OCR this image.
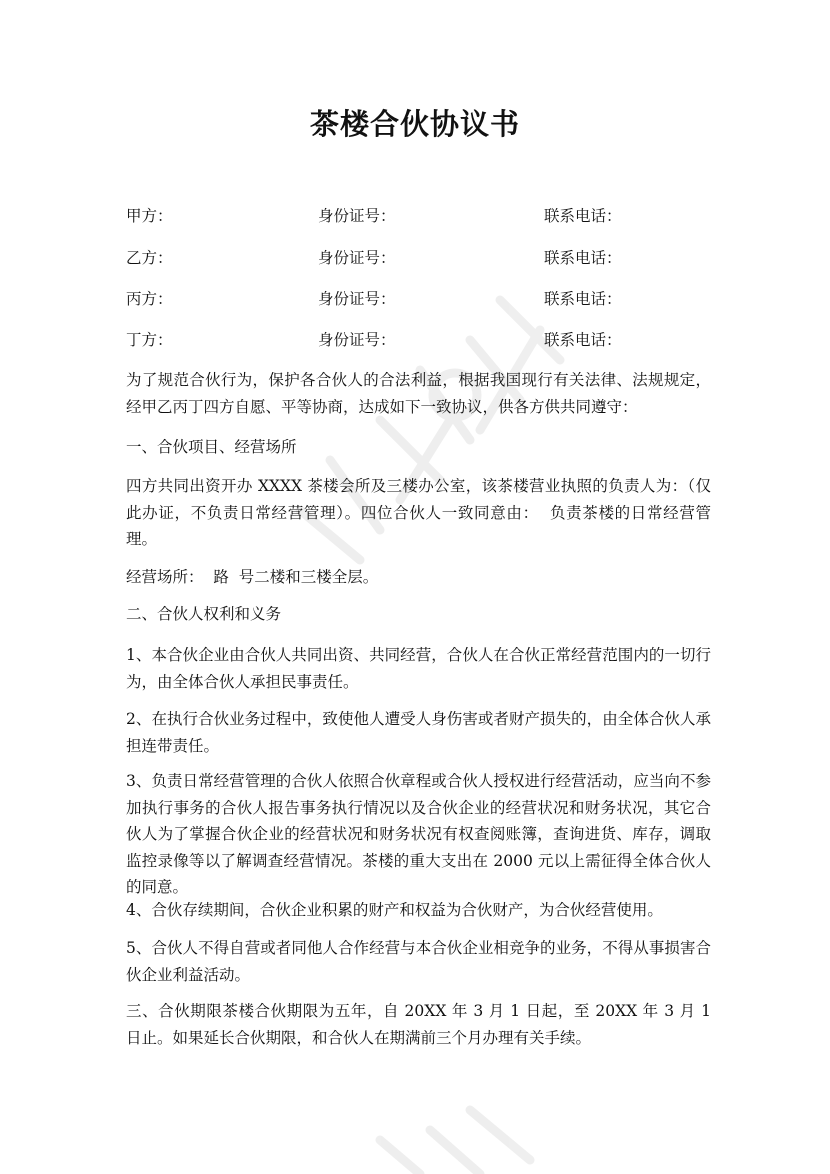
茶楼合伙协议书
甲方：	身份证号：	联系电话：
乙方：	身份证号：	联系电话：
丙方：	身份证号：	联系电话：
丁方：	身份证号：	联系电话：

为了规范合伙行为，保护各合伙人的合法利益，根据我国现行有关法律、法规规定，经甲乙丙丁四方自愿、平等协商，达成如下一致协议，供各方供共同遵守：

一、合伙项目、经营场所

四方共同出资开办 XXXX 茶楼会所及三楼办公室，该茶楼营业执照的负责人为：（仅此办证，不负责日常经营管理）。四位合伙人一致同意由：  负责茶楼的日常经营管理。

经营场所：  路  号二楼和三楼全层。

二、合伙人权利和义务

1、本合伙企业由合伙人共同出资、共同经营，合伙人在合伙正常经营范围内的一切行为，由全体合伙人承担民事责任。

2、在执行合伙业务过程中，致使他人遭受人身伤害或者财产损失的，由全体合伙人承担连带责任。

3、负责日常经营管理的合伙人依照合伙章程或合伙人授权进行经营活动，应当向不参加执行事务的合伙人报告事务执行情况以及合伙企业的经营状况和财务状况，其它合伙人为了掌握合伙企业的经营状况和财务状况有权查阅账簿，查询进货、库存，调取监控录像等以了解调查经营情况。茶楼的重大支出在 2000 元以上需征得全体合伙人的同意。

4、合伙存续期间，合伙企业积累的财产和权益为合伙财产，为合伙经营使用。

5、合伙人不得自营或者同他人合作经营与本合伙企业相竞争的业务，不得从事损害合伙企业利益活动。

三、合伙期限茶楼合伙期限为五年，自 20XX 年 3 月 1 日起，至 20XX 年 3 月 1 日止。如果延长合伙期限，和合伙人在期满前三个月办理有关手续。
